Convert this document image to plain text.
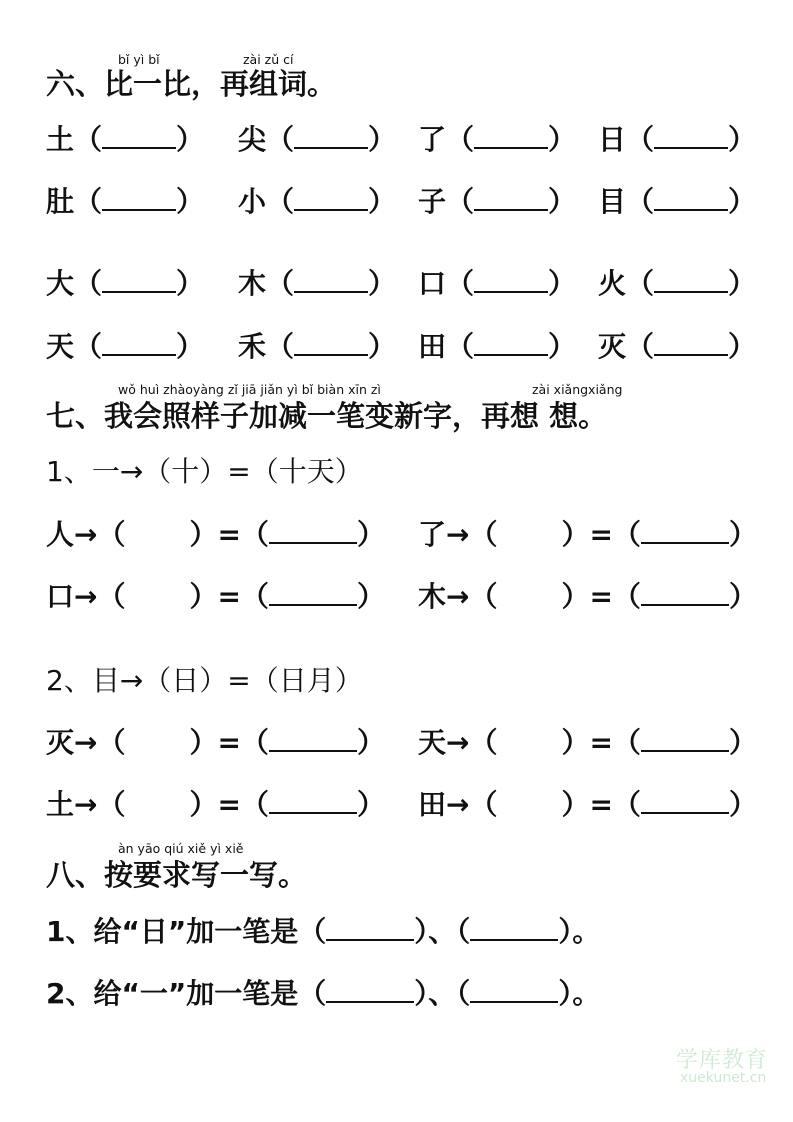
bǐ yì bǐ	zài zǔ cí
六、比一比，再组词。
土（	） 尖（	） 了（	） 日（	）
肚（	） 小（	） 子（	） 目（	）
大（	） 木（	） 口（	） 火（	）
天（	） 禾（	） 田（	） 灭（	）
wǒ huì zhàoyàng zǐ jiā jiǎn yì bǐ biàn xīn zì	zài xiǎngxiǎng
七、我会照样子加减一笔变新字，再想 想。
1、一→（十）=（十天）
人→（ ）=（	） 了→（ ）=（	）
口→（ ）=（	） 木→（ ）=（	）
2、目→（日）=（日月）
灭→（ ）=（	） 天→（ ）=（	）
土→（ ）=（	） 田→（ ）=（	）
àn yāo qiú xiě yì xiě
八、按要求写一写。
1、给“日”加一笔是（	）、（	）。
2、给“一”加一笔是（	）、（	）。
学库教育
xuekunet.cn
